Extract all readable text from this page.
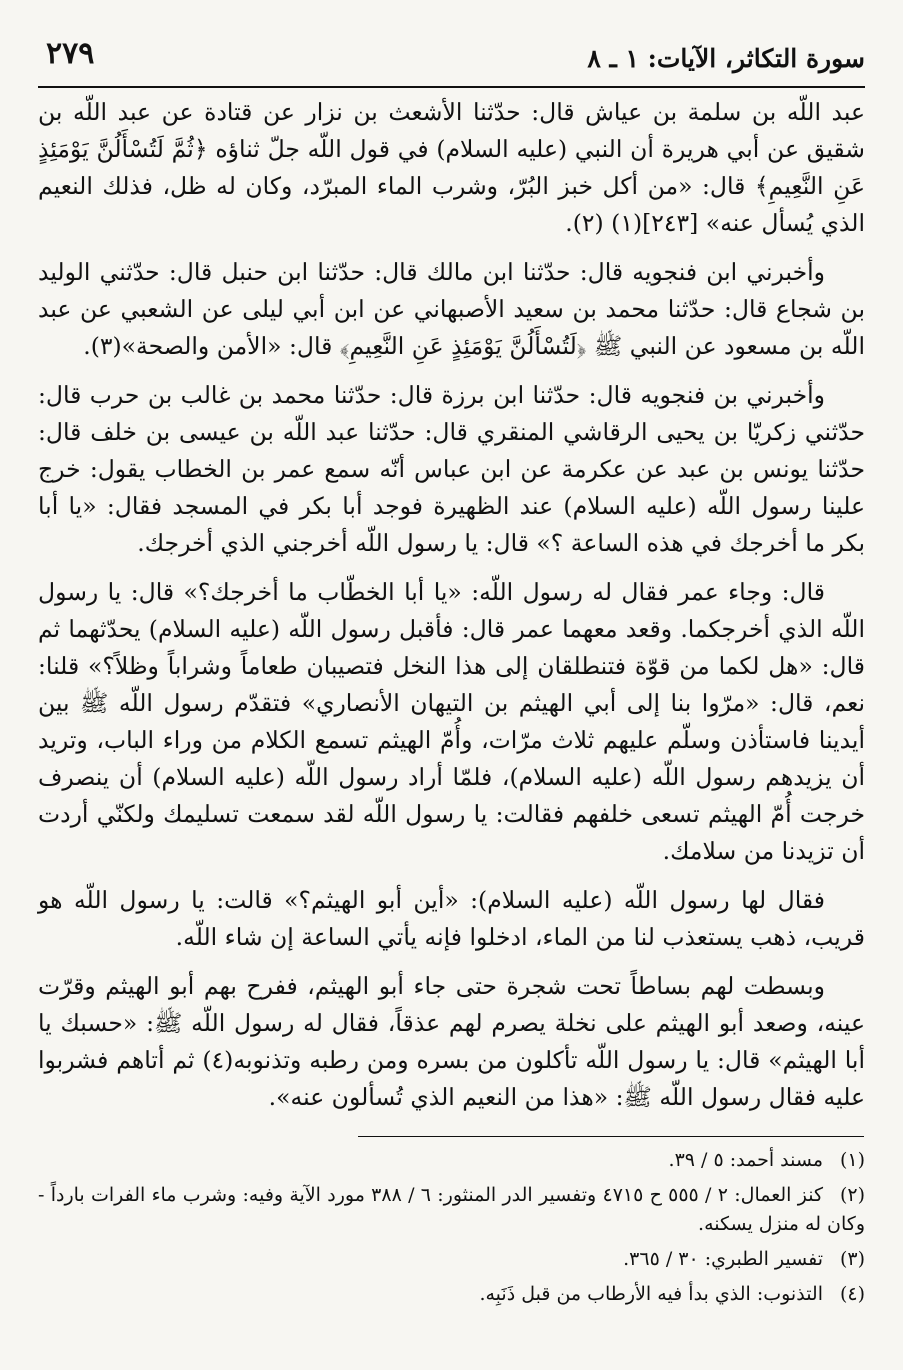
سورة التكاثر، الآيات: ١ ـ ٨
٢٧٩

عبد اللّه بن سلمة بن عياش قال: حدّثنا الأشعث بن نزار عن قتادة عن عبد اللّه بن شقيق عن أبي هريرة أن النبي (عليه السلام) في قول اللّه جلّ ثناؤه ﴿ثُمَّ لَتُسْأَلُنَّ يَوْمَئِذٍ عَنِ النَّعِيمِ﴾ قال: «من أكل خبز البُرّ، وشرب الماء المبرّد، وكان له ظل، فذلك النعيم الذي يُسأل عنه» [٢٤٣](١) (٢).

وأخبرني ابن فنجويه قال: حدّثنا ابن مالك قال: حدّثنا ابن حنبل قال: حدّثني الوليد بن شجاع قال: حدّثنا محمد بن سعيد الأصبهاني عن ابن أبي ليلى عن الشعبي عن عبد اللّه بن مسعود عن النبي ﷺ ﴿لَتُسْأَلُنَّ يَوْمَئِذٍ عَنِ النَّعِيمِ﴾ قال: «الأمن والصحة»(٣).

وأخبرني بن فنجويه قال: حدّثنا ابن برزة قال: حدّثنا محمد بن غالب بن حرب قال: حدّثني زكريّا بن يحيى الرقاشي المنقري قال: حدّثنا عبد اللّه بن عيسى بن خلف قال: حدّثنا يونس بن عبد عن عكرمة عن ابن عباس أنّه سمع عمر بن الخطاب يقول: خرج علينا رسول اللّه (عليه السلام) عند الظهيرة فوجد أبا بكر في المسجد فقال: «يا أبا بكر ما أخرجك في هذه الساعة ؟» قال: يا رسول اللّه أخرجني الذي أخرجك.

قال: وجاء عمر فقال له رسول اللّه: «يا أبا الخطّاب ما أخرجك؟» قال: يا رسول اللّه الذي أخرجكما. وقعد معهما عمر قال: فأقبل رسول اللّه (عليه السلام) يحدّثهما ثم قال: «هل لكما من قوّة فتنطلقان إلى هذا النخل فتصيبان طعاماً وشراباً وظلاً؟» قلنا: نعم، قال: «مرّوا بنا إلى أبي الهيثم بن التيهان الأنصاري» فتقدّم رسول اللّه ﷺ بين أيدينا فاستأذن وسلّم عليهم ثلاث مرّات، وأُمّ الهيثم تسمع الكلام من وراء الباب، وتريد أن يزيدهم رسول اللّه (عليه السلام)، فلمّا أراد رسول اللّه (عليه السلام) أن ينصرف خرجت أُمّ الهيثم تسعى خلفهم فقالت: يا رسول اللّه لقد سمعت تسليمك ولكنّي أردت أن تزيدنا من سلامك.

فقال لها رسول اللّه (عليه السلام): «أين أبو الهيثم؟» قالت: يا رسول اللّه هو قريب، ذهب يستعذب لنا من الماء، ادخلوا فإنه يأتي الساعة إن شاء اللّه.

وبسطت لهم بساطاً تحت شجرة حتى جاء أبو الهيثم، ففرح بهم أبو الهيثم وقرّت عينه، وصعد أبو الهيثم على نخلة يصرم لهم عذقاً، فقال له رسول اللّه ﷺ: «حسبك يا أبا الهيثم» قال: يا رسول اللّه تأكلون من بسره ومن رطبه وتذنوبه(٤) ثم أتاهم فشربوا عليه فقال رسول اللّه ﷺ: «هذا من النعيم الذي تُسألون عنه».

(١)مسند أحمد: ٥ / ٣٩.

(٢)كنز العمال: ٢ / ٥٥٥ ح ٤٧١٥ وتفسير الدر المنثور: ٦ / ٣٨٨ مورد الآية وفيه: وشرب ماء الفرات بارداً - وكان له منزل يسكنه.

(٣)تفسير الطبري: ٣٠ / ٣٦٥.

(٤)التذنوب: الذي بدأ فيه الأرطاب من قبل ذَنَبِه.
